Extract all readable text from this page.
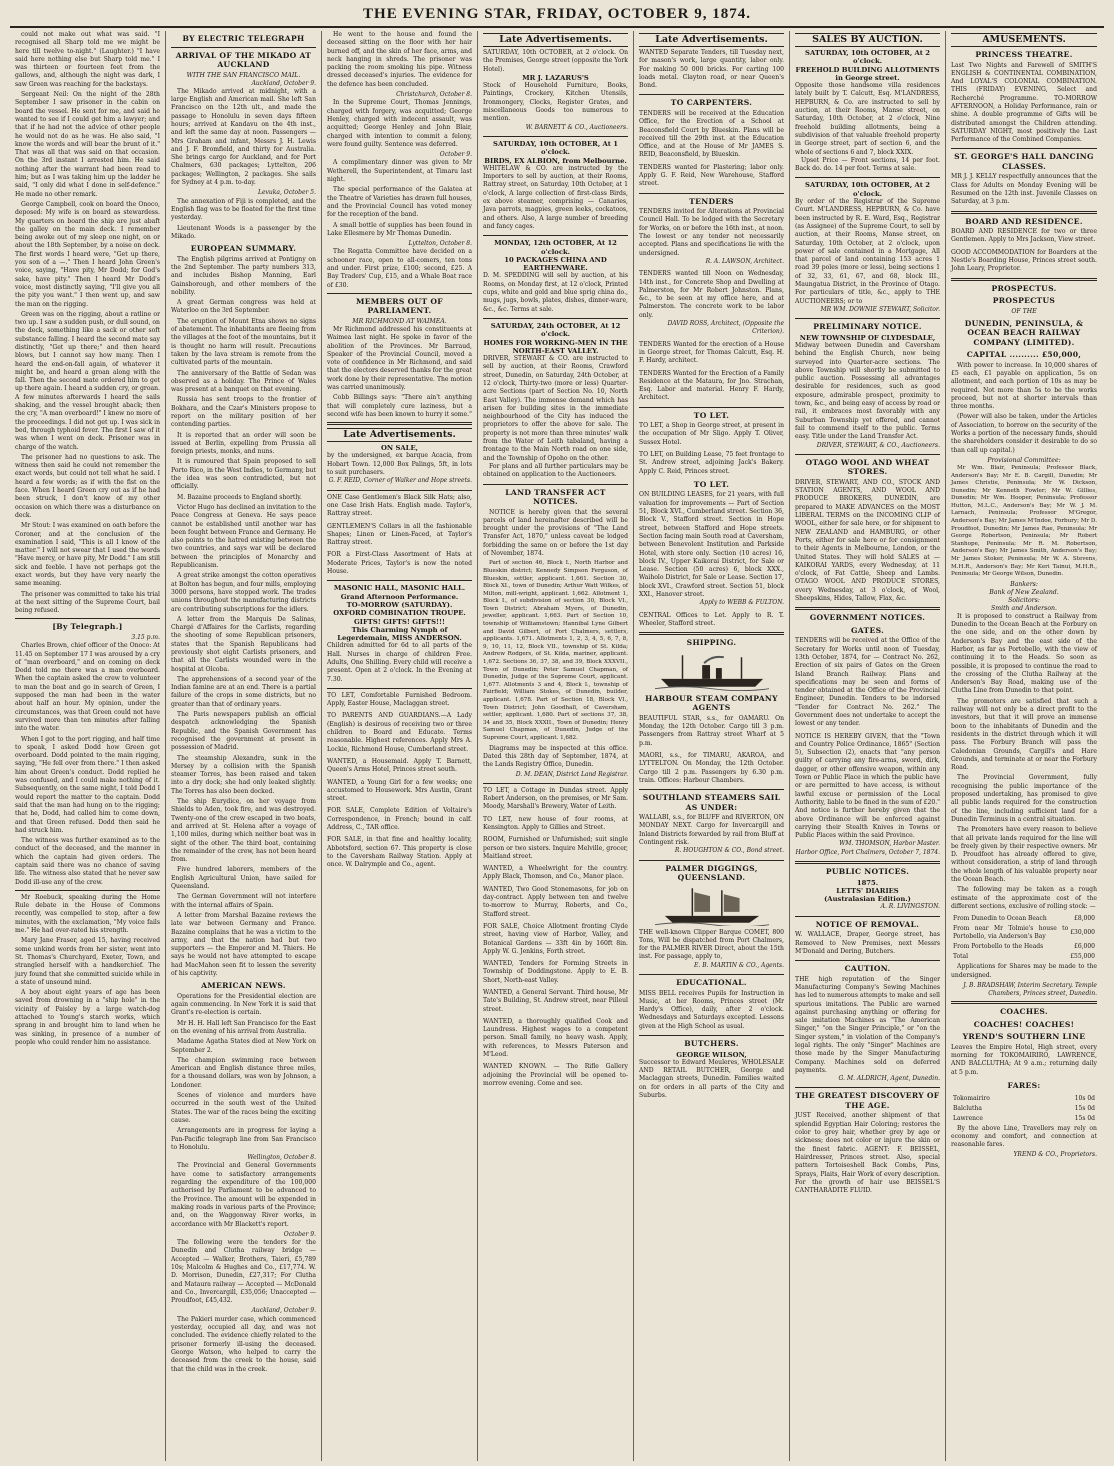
THE EVENING STAR, FRIDAY, OCTOBER 9, 1874.

could not make out what was said. "I recognised all Sharp told me we might be here till twelve to-night." (Laughter.) "I have said here nothing else but Sharp told me." I was thirteen or fourteen feet from the gallows, and, although the night was dark, I saw Green was reaching for the backstays.

Sergeant Neil: On the night of the 28th September I saw prisoner in the cabin on board the vessel. He sent for me, and said he wanted to see if I could get him a lawyer; and that if he had not the advice of other people he would not do as he was. He also said, "I know the words and will bear the brunt of it." That was all that was said on that occasion. On the 3rd instant I arrested him. He said nothing after the warrant had been read to him; but as I was taking him up the ladder he said, "I only did what I done in self-defence." He made no other remark.

George Campbell, cook on board the Onoco, deposed: My wife is on board as stewardess. My quarters on board the ship are just abaft the galley on the main deck. I remember being awoke out of my sleep one night, on or about the 18th September, by a noise on deck. The first words I heard were, "Get up there, you son of a —." Then I heard John Green's voice, saying, "Have pity, Mr Dodd; for God's sake, have pity." Then I heard Mr Dodd's voice, most distinctly saying, "I'll give you all the pity you want." I then went up, and saw the man on the rigging.

Green was on the rigging, about a ratline or two up. I saw a sudden push, or dull sound, on the deck, something like a sack or other soft substance falling. I heard the second mate say distinctly, "Get up there;" and then heard blows, but I cannot say how many. Then I heard the end-on-fall again, of whatever it might be, and heard a groan along with the fall. Then the second mate ordered him to get up there again. I heard a sudden cry, or groan. A few minutes afterwards I heard the sails shaking, and the vessel brought aback; then the cry, "A man overboard!" I knew no more of the proceedings. I did not get up. I was sick in bed, through typhoid fever. The first I saw of it was when I went on deck. Prisoner was in charge of the watch.

The prisoner had no questions to ask. The witness then said he could not remember the exact words, but could not tell what he said. I heard a few words; as if with the fist on the face. When I heard Green cry out as if he had been struck, I don't know of my other occasion on which there was a disturbance on deck.

Mr Stout: I was examined on oath before the Coroner, and at the conclusion of the examination I said, "This is all I know of the matter." I will not swear that I used the words "Have mercy, or have pity, Mr Dodd." I am still sick and feeble. I have not perhaps got the exact words, but they have very nearly the same meaning.

The prisoner was committed to take his trial at the next sitting of the Supreme Court, bail being refused.

[By Telegraph.]
3.15 p.m.

Charles Brown, chief officer of the Onoco: At 11.45 on September 17 I was aroused by a cry of "man overboard," and on coming on deck Dodd told me there was a man overboard. When the captain asked the crew to volunteer to man the boat and go in search of Green, I supposed the man had been in the water about half an hour. My opinion, under the circumstances, was that Green could not have survived more than ten minutes after falling into the water.

When I got to the port rigging, and half time to speak, I asked Dodd how Green got overboard. Dodd pointed to the main rigging, saying, "He fell over from there." I then asked him about Green's conduct. Dodd replied he was confused, and I could make nothing of it. Subsequently, on the same night, I told Dodd I would report the matter to the captain. Dodd said that the man had hung on to the rigging; that he, Dodd, had called him to come down, and that Green refused. Dodd then said he had struck him.

The witness was further examined as to the conduct of the deceased, and the manner in which the captain had given orders. The captain said there was no chance of saving life. The witness also stated that he never saw Dodd ill-use any of the crew.

Mr Roebuck, speaking during the Home Rule debate in the House of Commons recently, was compelled to stop, after a few minutes, with the exclamation, "My voice fails me." He had over-rated his strength.

Mary Jane Fraser, aged 15, having received some unkind words from her sister, went into St. Thomas's Churchyard, Exeter, Town, and strangled herself with a handkerchief. The jury found that she committed suicide while in a state of unsound mind.

A boy about eight years of age has been saved from drowning in a "ship hole" in the vicinity of Paisley by a large watch-dog attached to Young's starch works, which sprang in and brought him to land when he was sinking, in presence of a number of people who could render him no assistance.

BY ELECTRIC TELEGRAPH
ARRIVAL OF THE MIKADO AT AUCKLAND
WITH THE SAN FRANCISCO MAIL.
Auckland, October 9.

The Mikado arrived at midnight, with a large English and American mail. She left San Francisco on the 12th ult., and made the passage to Honolulu in seven days fifteen hours; arrived at Kandavu on the 4th inst., and left the same day at noon. Passengers — Mrs Graham and infant, Messrs J. H. Lewis and J. F. Bromfield, and thirty for Australia. She brings cargo for Auckland, and for Port Chalmers, 630 packages; Lyttelton, 206 packages; Wellington, 2 packages. She sails for Sydney at 4 p.m. to-day.

Levuka, October 5.

The annexation of Fiji is completed, and the English flag was to be floated for the first time yesterday.

Lieutenant Woods is a passenger by the Mikado.

EUROPEAN SUMMARY.

The English pilgrims arrived at Pontigny on the 2nd September. The party numbers 313, and includes Bishop Manning, Earl Gainsborough, and other members of the nobility.

A great German congress was held at Waterloo on the 3rd September.

The eruption of Mount Etna shows no signs of abatement. The inhabitants are fleeing from the villages at the foot of the mountains, but it is thought no harm will result. Precautions taken by the lava stream is remote from the cultivated parts of the mountain.

The anniversary of the Battle of Sedan was observed as a holiday. The Prince of Wales was present at a banquet on that evening.

Russia has sent troops to the frontier of Bokhara, and the Czar's Ministers propose to report on the military position of her contending parties.

It is reported that an order will soon be issued at Berlin, expelling from Prussia all foreign priests, monks, and nuns.

It is rumoured that Spain proposed to sell Porto Rico, in the West Indies, to Germany, but the idea was soon contradicted, but not officially.

M. Bazaine proceeds to England shortly.

Victor Hugo has declined an invitation to the Peace Congress at Geneva. He says peace cannot be established until another war has been fought between France and Germany. He also points to the hatred existing between the two countries, and says war will be declared between the principles of Monarchy and Republicanism.

A great strike amongst the cotton operatives at Bolton has begun, and four mills, employing 3000 persons, have stopped work. The trades unions throughout the manufacturing districts are contributing subscriptions for the idlers.

A letter from the Marquis De Salinas, Chargé d'Affaires for the Carlists, regarding the shooting of some Republican prisoners, states that the Spanish Republicans had previously shot eight Carlists prisoners, and that all the Carlists wounded were in the hospital at Olcoba.

The apprehensions of a second year of the Indian famine are at an end. There is a partial failure of the crops in some districts, but no greater than that of ordinary years.

The Paris newspapers publish an official despatch acknowledging the Spanish Republic, and the Spanish Government has recognised the government at present in possession of Madrid.

The steamship Alexandra, sunk in the Mersey by a collision with the Spanish steamer Torres, has been raised and taken into a dry dock; she had only leaked slightly. The Torres has also been docked.

The ship Eurydice, on her voyage from Shields to Aden, took fire, and was destroyed. Twenty-one of the crew escaped in two boats, and arrived at St. Helena after a voyage of 1,100 miles, during which neither boat was in sight of the other. The third boat, containing the remainder of the crew, has not been heard from.

Five hundred laborers, members of the English Agricultural Union, have sailed for Queensland.

The German Government will not interfere with the internal affairs of Spain.

A letter from Marshal Bazaine reviews the late war between Germany and France. Bazaine complains that he was a victim to the army, and that the nation had but two supporters — the Emperor and M. Thiers. He says he would not have attempted to escape had MacMahon seen fit to lessen the severity of his captivity.

AMERICAN NEWS.

Operations for the Presidential election are again commencing. In New York it is said that Grant's re-election is certain.

Mr H. H. Hall left San Francisco for the East on the evening of his arrival from Australia.

Madame Agatha States died at New York on September 2.

The champion swimming race between American and English distance three miles, for a thousand dollars, was won by Johnson, a Londoner.

Scenes of violence and murders have occurred in the south west of the United States. The war of the races being the exciting cause.

Arrangements are in progress for laying a Pan-Pacific telegraph line from San Francisco to Honolulu.

Wellington, October 8.

The Provincial and General Governments have come to satisfactory arrangements regarding the expenditure of the 100,000 authorised by Parliament to be advanced to the Province. The amount will be expended in making roads in various parts of the Province; and, on the Waggonway River works, in accordance with Mr Blackett's report.

October 9.

The following were the tenders for the Dunedin and Clutha railway bridge — Accepted — Walker, Brothers, Taieri, £5,789 10s; Malcolm & Hughes and Co., £17,774. W. D. Morrison, Dunedin, £27,317; For Clutha and Mataura railway — Accepted — McDonald and Co., Invercargill, £35,056; Unaccepted — Proudfoot, £45,432.

Auckland, October 9.

The Pakieri murder case, which commenced yesterday, occupied all day, and was not concluded. The evidence chiefly related to the prisoner formerly ill-using the deceased. George Watson, who helped to carry the deceased from the creek to the house, said that the child was in the creek.

He went to the house and found the deceased sitting on the floor with her hair burned off, and the skin of her face, arms, and neck hanging in shreds. The prisoner was packing the room smoking his pipe. Witness dressed deceased's injuries. The evidence for the defence has been concluded.

Christchurch, October 8.

In the Supreme Court, Thomas Jennings, charged with forgery, was acquitted; George Henley, charged with indecent assault, was acquitted; George Henley and John Blair, charged with intention to commit a felony, were found guilty. Sentence was deferred.

October 9.

A complimentary dinner was given to Mr Wetherell, the Superintendent, at Timaru last night.

The special performance of the Galatea at the Theatre of Varieties has drawn full houses, and the Provincial Council has voted money for the reception of the band.

A small bottle of supplies has been found in Lake Ellesmere by Mr Thomas Dunedin.

Lyttelton, October 8.

The Regatta Committee have decided on a schooner race, open to all-comers, ten tons and under. First prize, £100; second, £25. A Bay Traders' Cup, £15, and a Whale Boat race of £30.

MEMBERS OUT OF PARLIAMENT.
MR RICHMOND AT WAIMEA.

Mr Richmond addressed his constituents at Waimea last night. He spoke in favor of the abolition of the Provinces. Mr Barraud, Speaker of the Provincial Council, moved a vote of confidence in Mr Richmond, and said that the electors deserved thanks for the great work done by their representative. The motion was carried unanimously.

Cobb Billings says: "There ain't anything that will completely cure laziness, but a second wife has been known to hurry it some."

Late Advertisements.
ON SALE,
by the undersigned, ex barque Acacia, from Hobart Town. 12,000 Box Palings, 5ft, in lots to suit purchasers.
G. F. REID, Corner of Walker and Hope streets.
ONE Case Gentlemen's Black Silk Hats; also, one Case Irish Hats. English made. Taylor's, Rattray street.
GENTLEMEN'S Collars in all the fashionable Shapes; Linen or Linen-Faced, at Taylor's Rattray street.
FOR a First-Class Assortment of Hats at Moderate Prices, Taylor's is now the noted House.
MASONIC HALL, MASONIC HALL.
Grand Afternoon Performance.
TO-MORROW (SATURDAY).
OXFORD COMBINATION TROUPE.
GIFTS! GIFTS! GIFTS!!!
This Charming Nymph of Legerdemain, MISS ANDERSON.
Children admitted for 6d to all parts of the Hall. Nurses in charge of children Free. Adults, One Shilling. Every child will receive a present. Open at 2 o'clock. In the Evening at 7.30.
TO LET, Comfortable Furnished Bedroom. Apply, Easter House, Maclaggan street.
TO PARENTS AND GUARDIANS.—A Lady (English) is desirous of receiving two or three children to Board and Educate. Terms reasonable. Highest references. Apply Mrs A. Lockie, Richmond House, Cumberland street.
WANTED, a Housemaid. Apply T. Barnett, Queen's Arms Hotel, Princes street south.
WANTED, a Young Girl for a few weeks; one accustomed to Housework. Mrs Austin, Grant street.
FOR SALE, Complete Edition of Voltaire's Correspondence, in French; bound in calf. Address, C., TAR office.
FOR SALE, in that fine and healthy locality, Abbotsford, section 67. This property is close to the Caversham Railway Station. Apply at once. W. Dalrymple and Co., agent.
Late Advertisements.
SATURDAY, 10th OCTOBER, at 2 o'clock. On the Premises, George street (opposite the York Hotel).
MR J. LAZARUS'S
Stock of Household Furniture, Books, Paintings, Crockery, Kitchen Utensils, Ironmongery, Clocks, Register Grates, and miscellaneous Goods too numerous to mention.
W. BARNETT & CO., Auctioneers.
SATURDAY, 10th OCTOBER, At 1 o'clock.
BIRDS, EX ALBION, from Melbourne.
WHITELAW & CO. are instructed by the Importers to sell by auction, at their Rooms, Rattray street, on Saturday, 10th October, at 1 o'clock, A large collection of first-class Birds, ex above steamer, comprising — Canaries, Java parrots, magpies, green leeks, cockatoos, and others. Also, A large number of breeding and fancy cages.
MONDAY, 12th OCTOBER, At 12 o'clock.
10 PACKAGES CHINA AND EARTHENWARE.
D. M. SPEDDING will sell by auction, at his Rooms, on Monday first, at 12 o'clock, Printed cups, white and gold and blue sprig china do., mugs, jugs, bowls, plates, dishes, dinner-ware, &c., &c. Terms at sale.
SATURDAY, 24th OCTOBER, At 12 o'clock.
HOMES FOR WORKING-MEN IN THE NORTH-EAST VALLEY.
DRIVER, STEWART & CO. are instructed to sell by auction, at their Rooms, Crawford street, Dunedin, on Saturday, 24th October, at 12 o'clock, Thirty-two (more or less) Quarter-acre Sections (part of Section No. 10, North East Valley). The immense demand which has arisen for building sites in the immediate neighbourhood of the City has induced the proprietors to offer the above for sale. The property is not more than three minutes' walk from the Water of Leith tabaland, having a frontage to the Main North road on one side, and the Township of Opoho on the other.

For plans and all further particulars may be obtained on application to the Auctioneers.

LAND TRANSFER ACT NOTICES.

NOTICE is hereby given that the several parcels of land hereinafter described will be brought under the provisions of "The Land Transfer Act, 1870," unless caveat be lodged forbidding the same on or before the 1st day of November, 1874.

Part of section 46, Block I., North Harbor and Blueskin district; Kennedy Simpson Ferguson, of Blueskin, settler, applicant. 1,661. Section 30, Block XI., town of Dunedin; Arthur Watt Wilkes, of Milton, mill-wright, applicant. 1,662. Allotment 1, Block I., of subdivision of section 30, Block VI., Town District; Abraham Myers, of Dunedin, jeweller, applicant. 1,663. Part of Section 10, township of Williamstown; Hannibal Lyne Gilbert and David Gilbert, of Port Chalmers, settlers, applicants. 1,671. Allotments 1, 2, 3, 4, 5, 6, 7, 8, 9, 10, 11, 12, Block VII., township of St. Kilda; Andrew Rodgers, of St. Kilda, mariner, applicant. 1,672. Sections 36, 37, 38, and 39, Block XXXVII., Town of Dunedin; Peter Samuel Chapman, of Dunedin, Judge of the Supreme Court, applicant. 1,677. Allotments 3 and 4, Block I., township of Fairfield; William Stokes, of Dunedin, builder, applicant. 1,678. Part of Section 18, Block VI., Town District; John Goodhall, of Caversham, settler, applicant. 1,680. Part of sections 37, 38, 34 and 35, Block XXXII., Town of Dunedin; Henry Samuel Chapman, of Dunedin, Judge of the Supreme Court, applicant. 1,682.

Diagrams may be inspected at this office. Dated this 28th day of September, 1874, at the Lands Registry Office, Dunedin.

D. M. DEAN, District Land Registrar.
TO LET, a Cottage in Dundas street. Apply Robert Anderson, on the premises, or Mr Sam. Moody, Marshall's Brewery, Water of Leith.
TO LET, new house of four rooms, at Kensington. Apply to Gillies and Street.
ROOM, Furnished or Unfurnished; suit single person or two sisters. Inquire Melville, grocer, Maitland street.
WANTED, a Wheelwright for the country. Apply Black, Thomson, and Co., Manor place.
WANTED, Two Good Stonemasons, for job on day-contract. Apply between ten and twelve to-morrow to Murray, Roberts, and Co., Stafford street.
FOR SALE, Choice Allotment fronting Clyde street, having view of Harbor, Valley, and Botanical Gardens — 33ft 4in by 160ft 8in. Apply W. G. Jenkins, Forth street.
WANTED, Tenders for Forming Streets in Township of Doddingstone. Apply to E. B. Short, North-east Valley.
WANTED, a General Servant. Third house, Mr Tate's Building, St. Andrew street, near Pilleul street.
WANTED, a thoroughly qualified Cook and Laundress. Highest wages to a competent person. Small family, no heavy wash. Apply, with references, to Messrs Paterson and M'Leod.
WANTED KNOWN. — The Rifle Gallery adjoining the Provincial will be opened to-morrow evening. Come and see.
Late Advertisements.
WANTED Separate Tenders, till Tuesday next, for mason's work, large quantity, labor only. For making 50 000 bricks. For carting 100 loads metal. Clayton road, or near Queen's Bond.
TO CARPENTERS.
TENDERS will be received at the Education Office, for the Erection of a School at Beaconsfield Court by Blueskin. Plans will be received till the 29th inst. at the Education Office, and at the House of Mr JAMES S. REID, Beaconsfield, by Blueskin.
TENDERS wanted for Plastering; labor only. Apply G. F. Reid, New Warehouse, Stafford street.
TENDERS
TENDERS invited for Alterations at Provincial Council Hall. To be lodged with the Secretary for Works, on or before the 16th inst., at noon. The lowest or any tender not necessarily accepted. Plans and specifications lie with the undersigned.
R. A. LAWSON, Architect.
TENDERS wanted till Noon on Wednesday, 14th inst., for Concrete Shop and Dwelling at Palmerston, for Mr Robert Johnston. Plans, &c., to be seen at my office here, and at Palmerston. The concrete work to be labor only.
DAVID ROSS, Architect, (Opposite the Criterion).
TENDERS Wanted for the erection of a House in George street, for Thomas Calcutt, Esq. H. F. Hardy, architect.
TENDERS Wanted for the Erection of a Family Residence at the Mataura, for Jno. Strachan, Esq. Labor and material. Henry F. Hardy, Architect.
TO LET.
TO LET, a Shop in George street, at present in the occupation of Mr Sligo. Apply T. Oliver, Sussex Hotel.
TO LET, on Building Lease, 75 feet frontage to St. Andrew street, adjoining Jack's Bakery. Apply C. Reid, Princes street.
TO LET.
ON BUILDING LEASES, for 21 years, with full valuation for improvements — Part of Section 51, Block XVI., Cumberland street. Section 36, Block V., Stafford street. Section in Hope street, between Stafford and Hope streets. Section facing main South road at Caversham, between Benevolent Institution and Parkside Hotel, with store only. Section (10 acres) 16, block IV., Upper Kaikorai District, for Sale or Lease. Section (50 acres) 6, block XXX., Waiholo District, for Sale or Lease. Section 17, block XVI., Crawford street. Section 51, block XXI., Hanover street.
Apply to WEBB & FULTON.
CENTRAL Offices to Let. Apply to R. T. Wheeler, Stafford street.
SHIPPING.
HARBOUR STEAM COMPANY AGENTS
BEAUTIFUL STAR, s.s., for OAMARU. On Monday, the 12th October. Cargo till 3 p.m. Passengers from Rattray street Wharf at 5 p.m.
MAORI, s.s., for TIMARU, AKAROA, and LYTTELTON. On Monday, the 12th October. Cargo till 2 p.m. Passengers by 6.30 p.m. train. Offices: Harbour Chambers.
SOUTHLAND STEAMERS SAIL AS UNDER:
WALLABI, s.s., for BLUFF and RIVERTON, ON MONDAY NEXT. Cargo for Invercargill and Inland Districts forwarded by rail from Bluff at Contingent risk.
R. HOUGHTON & CO., Bond street.
PALMER DIGGINGS, QUEENSLAND.
THE well-known Clipper Barque COMET, 800 Tons, Will be dispatched from Port Chalmers, for the PALMER RIVER Direct, about the 15th inst. For passage, apply to,
E. B. MARTIN & CO., Agents.
EDUCATIONAL.
MISS BELL receives Pupils for Instruction in Music, at her Rooms, Princes street (Mr Hardy's Office), daily, after 2 o'clock. Wednesdays and Saturdays excepted. Lessons given at the High School as usual.
BUTCHERS.
GEORGE WILSON,
Successor to Edward Meuleres, WHOLESALE AND RETAIL BUTCHER, George and Maclaggan streets, Dunedin. Families waited on for orders in all parts of the City and Suburbs.
SALES BY AUCTION.
SATURDAY, 10th OCTOBER, At 2 o'clock.
FREEHOLD BUILDING ALLOTMENTS in George street.
Opposite those handsome villa residences lately built by T. Calcutt, Esq. M'LANDRESS, HEPBURN, & Co. are instructed to sell by auction, at their Rooms, Manse street, on Saturday, 10th October, at 2 o'clock, Nine freehold building allotments, being a subdivision of that valuable freehold property in George street, part of section 6, and the whole of sections 6 and 7, block XXIX.

Upset Price — Front sections, 14 per foot. Back do. do. 14 per foot. Terms at sale.

SATURDAY, 10th OCTOBER, At 2 o'clock.
By order of the Registrar of the Supreme Court. M'LANDRESS, HEPBURN, & Co. have been instructed by R. E. Ward, Esq., Registrar (as Assignee) of the Supreme Court, to sell by auction, at their Rooms, Manse street, on Saturday, 10th October, at 2 o'clock, upon power of sale contained in a Mortgage, All that parcel of land containing 153 acres 1 road 39 poles (more or less), being sections 1 of 32, 33, 61, 67, and 68, block III., Maungatua District, in the Province of Otago. For particulars of title, &c., apply to THE AUCTIONEERS; or to
MR WM. DOWNIE STEWART, Solicitor.
PRELIMINARY NOTICE.
NEW TOWNSHIP OF CLYDESDALE,
Midway between Dunedin and Caversham behind the English Church, now being surveyed into Quarter-acre sections. The above Township will shortly be submitted to public auction. Possessing all advantages desirable for residences, such as good exposure, admirable prospect, proximity to town, &c., and being easy of access by road or rail, it embraces most favorably with any Suburban Township yet offered, and cannot fail to commend itself to the public. Terms easy. Title under the Land Transfer Act.
DRIVER, STEWART, & CO., Auctioneers.
OTAGO WOOL AND WHEAT STORES.
DRIVER, STEWART, AND CO., STOCK AND STATION AGENTS, AND WOOL AND PRODUCE BROKERS, DUNEDIN, are prepared to MAKE ADVANCES on the MOST LIBERAL TERMS on the INCOMING CLIP of WOOL, either for sale here, or for shipment to NEW ZEALAND and HAMBURG, or other Ports, either for sale here or for consignment to their Agents in Melbourne, London, or the United States. They will hold SALES at — KAIKORAI YARDS, every Wednesday, at 11 o'clock, of Fat Cattle, Sheep and Lambs. OTAGO WOOL AND PRODUCE STORES, every Wednesday, at 3 o'clock, of Wool, Sheepskins, Hides, Tallow, Flax, &c.
GOVERNMENT NOTICES.
GATES.
TENDERS will be received at the Office of the Secretary for Works until noon of Tuesday, 13th October, 1874, for — Contract No. 262, Erection of six pairs of Gates on the Green Island Branch Railway. Plans and specifications may be seen and forms of tender obtained at the Office of the Provincial Engineer, Dunedin. Tenders to be indorsed "Tender for Contract No. 262." The Government does not undertake to accept the lowest or any tender.
NOTICE IS HEREBY GIVEN, that the "Town and Country Police Ordinance, 1865" (Section 5), Subsection (2), enacts that "any person guilty of carrying any fire-arms, sword, dirk, dagger, or other offensive weapon, within any Town or Public Place in which the public have or are permitted to have access, is without lawful excuse or permission of the Local Authority, liable to be fined in the sum of £20." And notice is further hereby given that the above Ordinance will be enforced against carrying their Stealth Knives in Towns or Public Places within the said Province.
WM. THOMSON, Harbor Master.
Harbor Office, Port Chalmers, October 7, 1874.
PUBLIC NOTICES.
1875.
LETTS' DIARIES
(Australasian Edition.)
A. R. LIVINGSTON.
NOTICE OF REMOVAL.
W. WALLACE, Draper, George street, has Removed to New Premises, next Messrs M'Donald and Dering, Butchers.
CAUTION.
THE high reputation of the Singer Manufacturing Company's Sewing Machines has led to numerous attempts to make and sell spurious imitations. The Public are warned against purchasing anything or offering for sale imitation Machines as "The American Singer," "on the Singer Principle," or "on the Singer system," in violation of the Company's legal rights. The only "Singer" Machines are those made by the Singer Manufacturing Company. Machines sold on deferred payments.
G. M. ALDRICH, Agent, Dunedin.
THE GREATEST DISCOVERY OF THE AGE.
JUST Received, another shipment of that splendid Egyptian Hair Coloring; restores the color to grey hair, whether grey by age or sickness; does not color or injure the skin or the finest fabric. AGENT: F. BEISSEL, Hairdresser, Princes street. Also, special pattern Tortoiseshell Back Combs, Pins, Sprays, Plaits, Hair Work of every description. For the growth of hair use BEISSEL'S CANTHARADITE FLUID.
AMUSEMENTS.
PRINCESS THEATRE.
Last Two Nights and Farewell of SMITH'S ENGLISH & CONTINENTAL COMBINATION, And LOYAL'S COLONIAL COMBINATION. THIS (FRIDAY) EVENING, Select and Recherché Programme. TO-MORROW AFTERNOON, a Holiday Performance, rain or shine. A double programme of Gifts will be distributed amongst the Children attending. SATURDAY NIGHT, most positively the Last Performance of the Combined Companies.
ST. GEORGE'S HALL DANCING CLASSES.
MR J. J. KELLY respectfully announces that the Class for Adults on Monday Evening will be Resumed on the 12th inst. Juvenile Classes on Saturday, at 3 p.m.
BOARD AND RESIDENCE.
BOARD AND RESIDENCE for two or three Gentlemen. Apply to Mrs Jackson, View street.
GOOD ACCOMMODATION for Boarders at the Nestle's Boarding House, Princes street south. John Leary, Proprietor.
PROSPECTUS.
PROSPECTUS
OF THE
DUNEDIN, PENINSULA, & OCEAN BEACH RAILWAY COMPANY (LIMITED).
CAPITAL .......... £50,000,

With power to increase. In 10,000 shares of £5 each, £1 payable on application, 5s on allotment, and each portion of 10s as may be required. Not more than 5s to be the works proceed, but not at shorter intervals than three months.

(Power will also be taken, under the Articles of Association, to borrow on the security of the Works a portion of the necessary funds, should the shareholders consider it desirable to do so than call up capital.)

Provisional Committee:

Mr Wm. Blair, Peninsula; Professor Black, Anderson's Bay; Mr E. B. Cargill, Dunedin; Mr James Christie, Peninsula; Mr W. Dickson, Dunedin; Mr Kenneth Fowler; Mr W. Gillies, Dunedin; Mr Wm. Hooper, Peninsula; Professor Hutton, M.L.C., Anderson's Bay; Mr W. J. M. Larnach, Peninsula; Professor M'Gregor, Anderson's Bay; Mr James M'Indoe, Forbury; Mr D. Proudfoot, Dunedin; Mr James Rae, Peninsula; Mr George Robertson, Peninsula; Mr Robert Stanhope, Peninsula; Mr R. M. Robertson, Anderson's Bay; Mr James Smith, Anderson's Bay; Mr James Stoker, Peninsula; Mr W. A. Stevens, M.H.R., Anderson's Bay; Mr Keri Tainui, M.H.R., Peninsula; Mr George Wilson, Dunedin.

Bankers:
Bank of New Zealand.
Solicitors:
Smith and Anderson.

It is proposed to construct a Railway from Dunedin to the Ocean Beach at the Forbury on the one side, and on the other down by Anderson's Bay and the east side of the Harbor, as far as Portobello, with the view of continuing it to the Heads. So soon as possible, it is proposed to continue the road to the crossing of the Clutha Railway at the Anderson's Bay Road, making use of the Clutha Line from Dunedin to that point.

The promoters are satisfied that such a railway will not only be a direct profit to the investors, but that it will prove an immense boon to the inhabitants of Dunedin and the residents in the district through which it will pass. The Forbury Branch will pass the Caledonian Grounds, Cargill's and Hare Grounds, and terminate at or near the Forbury Road.

The Provincial Government, fully recognising the public importance of the proposed undertaking, has promised to give all public lands required for the construction of the line, including sufficient land for a Dunedin Terminus in a central situation.

The Promoters have every reason to believe that all private lands required for the line will be freely given by their respective owners. Mr D. Proudfoot has already offered to give, without consideration, a strip of land through the whole length of his valuable property near the Ocean Beach.

The following may be taken as a rough estimate of the approximate cost of the different sections, exclusive of rolling stock: —

From Dunedin to Ocean Beach	£8,000
From near Mr Tolmie's house to Portobello, via Anderson's Bay	£30,000
From Portobello to the Heads	£6,000
Total	£55,000

Applications for Shares may be made to the undersigned.

J. B. BRADSHAW, Interim Secretary. Temple Chambers, Princes street, Dunedin.
COACHES.
COACHES! COACHES!
YREND'S SOUTHERN LINE
Leaves the Empire Hotel, High street, every morning for TOKOMAIRIRO, LAWRENCE, AND BALCLUTHA; At 9 a.m.; returning daily at 5 p.m.
FARES:
Tokomairiro	10s 0d
Balclutha	15s 0d
Lawrence	15s 0d

By the above Line, Travellers may rely on economy and comfort, and connection at reasonable fares.

YREND & CO., Proprietors.
